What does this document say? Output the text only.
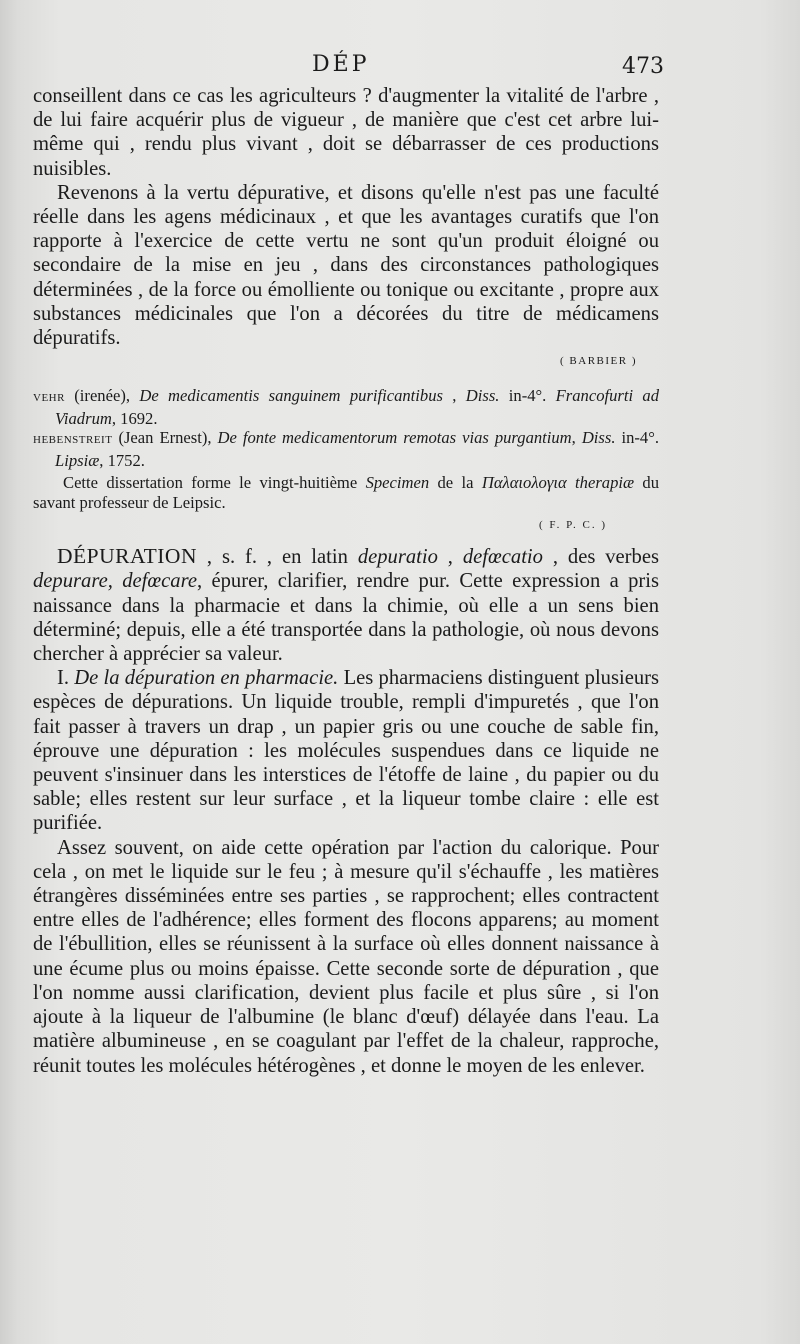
DÉP	473

conseillent dans ce cas les agriculteurs ? d'augmenter la vitalité de l'arbre , de lui faire acquérir plus de vigueur , de manière que c'est cet arbre lui-même qui , rendu plus vivant , doit se débarrasser de ces productions nuisibles.

Revenons à la vertu dépurative, et disons qu'elle n'est pas une faculté réelle dans les agens médicinaux , et que les avantages curatifs que l'on rapporte à l'exercice de cette vertu ne sont qu'un produit éloigné ou secondaire de la mise en jeu , dans des circonstances pathologiques déterminées , de la force ou émolliente ou tonique ou excitante , propre aux substances médicinales que l'on a décorées du titre de médicamens dépuratifs.

( BARBIER )

VEHR (irenée), De medicamentis sanguinem purificantibus , Diss. in-4°. Francofurti ad Viadrum, 1692.

HEBENSTREIT (Jean Ernest), De fonte medicamentorum remotas vias purgantium, Diss. in-4°. Lipsiæ, 1752.

Cette dissertation forme le vingt-huitième Specimen de la Παλαιολογια therapiæ du savant professeur de Leipsic.

( F. P. C. )

DÉPURATION , s. f. , en latin depuratio , defœcatio , des verbes depurare, defœcare, épurer, clarifier, rendre pur. Cette expression a pris naissance dans la pharmacie et dans la chimie, où elle a un sens bien déterminé; depuis, elle a été transportée dans la pathologie, où nous devons chercher à apprécier sa valeur.

I. De la dépuration en pharmacie. Les pharmaciens distinguent plusieurs espèces de dépurations. Un liquide trouble, rempli d'impuretés , que l'on fait passer à travers un drap , un papier gris ou une couche de sable fin, éprouve une dépuration : les molécules suspendues dans ce liquide ne peuvent s'insinuer dans les interstices de l'étoffe de laine , du papier ou du sable; elles restent sur leur surface , et la liqueur tombe claire : elle est purifiée.

Assez souvent, on aide cette opération par l'action du calorique. Pour cela , on met le liquide sur le feu ; à mesure qu'il s'échauffe , les matières étrangères disséminées entre ses parties , se rapprochent; elles contractent entre elles de l'adhérence; elles forment des flocons apparens; au moment de l'ébullition, elles se réunissent à la surface où elles donnent naissance à une écume plus ou moins épaisse. Cette seconde sorte de dépuration , que l'on nomme aussi clarification, devient plus facile et plus sûre , si l'on ajoute à la liqueur de l'albumine (le blanc d'œuf) délayée dans l'eau. La matière albumineuse , en se coagulant par l'effet de la chaleur, rapproche, réunit toutes les molécules hétérogènes , et donne le moyen de les enlever.
